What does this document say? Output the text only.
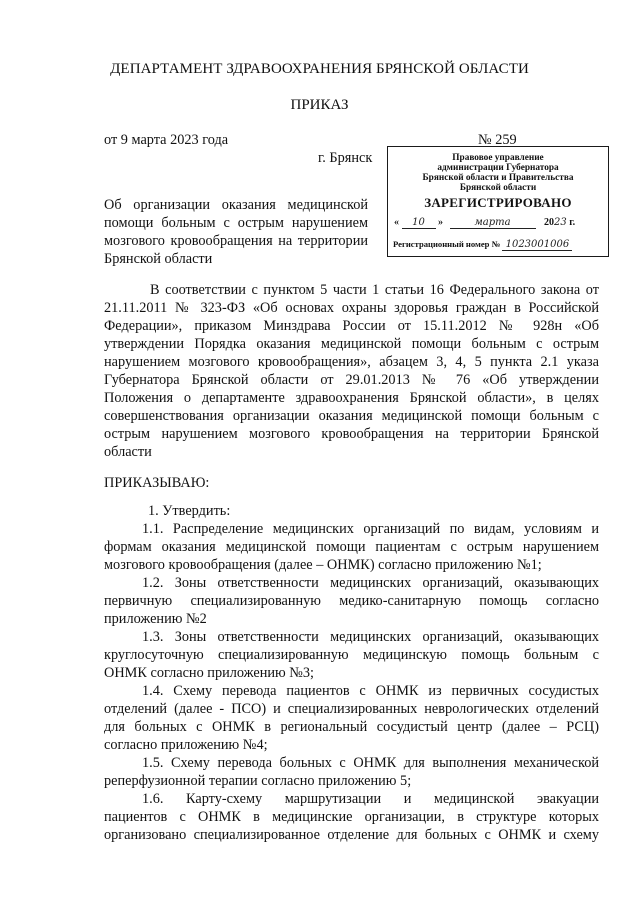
ДЕПАРТАМЕНТ ЗДРАВООХРАНЕНИЯ БРЯНСКОЙ ОБЛАСТИ
ПРИКАЗ
от 9 марта 2023 года	№ 259
г. Брянск	Правовое управление
администрации Губернатора
Брянской области и Правительства
Брянской области
ЗАРЕГИСТРИРОВАНО
« 10 »	марта	2023 г.
Регистрационный номер № 1023001006
Об организации оказания медицинской
помощи больным с острым нарушением
мозгового кровообращения на территории
Брянской области
В соответствии с пунктом 5 части 1 статьи 16 Федерального закона от
21.11.2011 № 323-ФЗ «Об основах охраны здоровья граждан в Российской
Федерации», приказом Минздрава России от 15.11.2012 № 928н «Об
утверждении Порядка оказания медицинской помощи больным с острым
нарушением мозгового кровообращения», абзацем 3, 4, 5 пункта 2.1 указа
Губернатора Брянской области от 29.01.2013 № 76 «Об утверждении
Положения о департаменте здравоохранения Брянской области», в целях
совершенствования организации оказания медицинской помощи больным с
острым нарушением мозгового кровообращения на территории Брянской
области
ПРИКАЗЫВАЮ:
1. Утвердить:
1.1. Распределение медицинских организаций по видам, условиям и
формам оказания медицинской помощи пациентам с острым нарушением
мозгового кровообращения (далее – ОНМК) согласно приложению №1;
1.2. Зоны ответственности медицинских организаций, оказывающих
первичную специализированную медико-санитарную помощь согласно
приложению №2
1.3. Зоны ответственности медицинских организаций, оказывающих
круглосуточную специализированную медицинскую помощь больным с
ОНМК согласно приложению №3;
1.4. Схему перевода пациентов с ОНМК из первичных сосудистых
отделений (далее - ПСО) и специализированных неврологических отделений
для больных с ОНМК в региональный сосудистый центр (далее – РСЦ)
согласно приложению №4;
1.5. Схему перевода больных с ОНМК для выполнения механической
реперфузионной терапии согласно приложению 5;
1.6. Карту-схему маршрутизации и медицинской эвакуации
пациентов с ОНМК в медицинские организации, в структуре которых
организовано специализированное отделение для больных с ОНМК и схему
